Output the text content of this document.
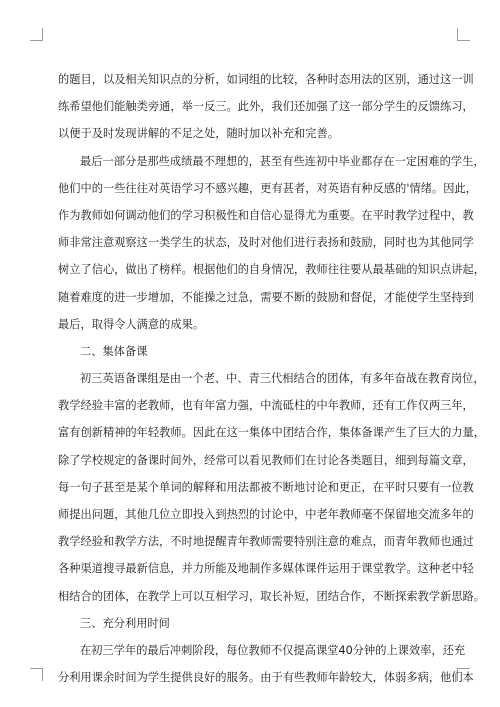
的题目，以及相关知识点的分析，如词组的比较，各种时态用法的区别，通过这一训
练希望他们能触类旁通，举一反三。此外，我们还加强了这一部分学生的反馈练习，
以便于及时发现讲解的不足之处，随时加以补充和完善。
最后一部分是那些成绩最不理想的，甚至有些连初中毕业都存在一定困难的学生，
他们中的一些往往对英语学习不感兴趣，更有甚者，对英语有种反感的'情绪。因此，
作为教师如何调动他们的学习积极性和自信心显得尤为重要。在平时教学过程中，教
师非常注意观察这一类学生的状态，及时对他们进行表扬和鼓励，同时也为其他同学
树立了信心，做出了榜样。根据他们的自身情况，教师往往要从最基础的知识点讲起，
随着难度的进一步增加，不能操之过急，需要不断的鼓励和督促，才能使学生坚持到
最后，取得令人满意的成果。
二、集体备课
初三英语备课组是由一个老、中、青三代相结合的团体，有多年奋战在教育岗位，
教学经验丰富的老教师，也有年富力强，中流砥柱的中年教师，还有工作仅两三年，
富有创新精神的年轻教师。因此在这一集体中团结合作，集体备课产生了巨大的力量，
除了学校规定的备课时间外，经常可以看见教师们在讨论各类题目，细到每篇文章，
每一句子甚至是某个单词的解释和用法都被不断地讨论和更正，在平时只要有一位教
师提出问题，其他几位立即投入到热烈的讨论中，中老年教师毫不保留地交流多年的
教学经验和教学方法，不时地提醒青年教师需要特别注意的难点，而青年教师也通过
各种渠道搜寻最新信息，并力所能及地制作多媒体课件运用于课堂教学。这种老中轻
相结合的团体，在教学上可以互相学习，取长补短，团结合作，不断探索教学新思路。
三、充分利用时间
在初三学年的最后冲刺阶段，每位教师不仅提高课堂40分钟的上课效率，还充
分利用课余时间为学生提供良好的服务。由于有些教师年龄较大，体弱多病，他们本
